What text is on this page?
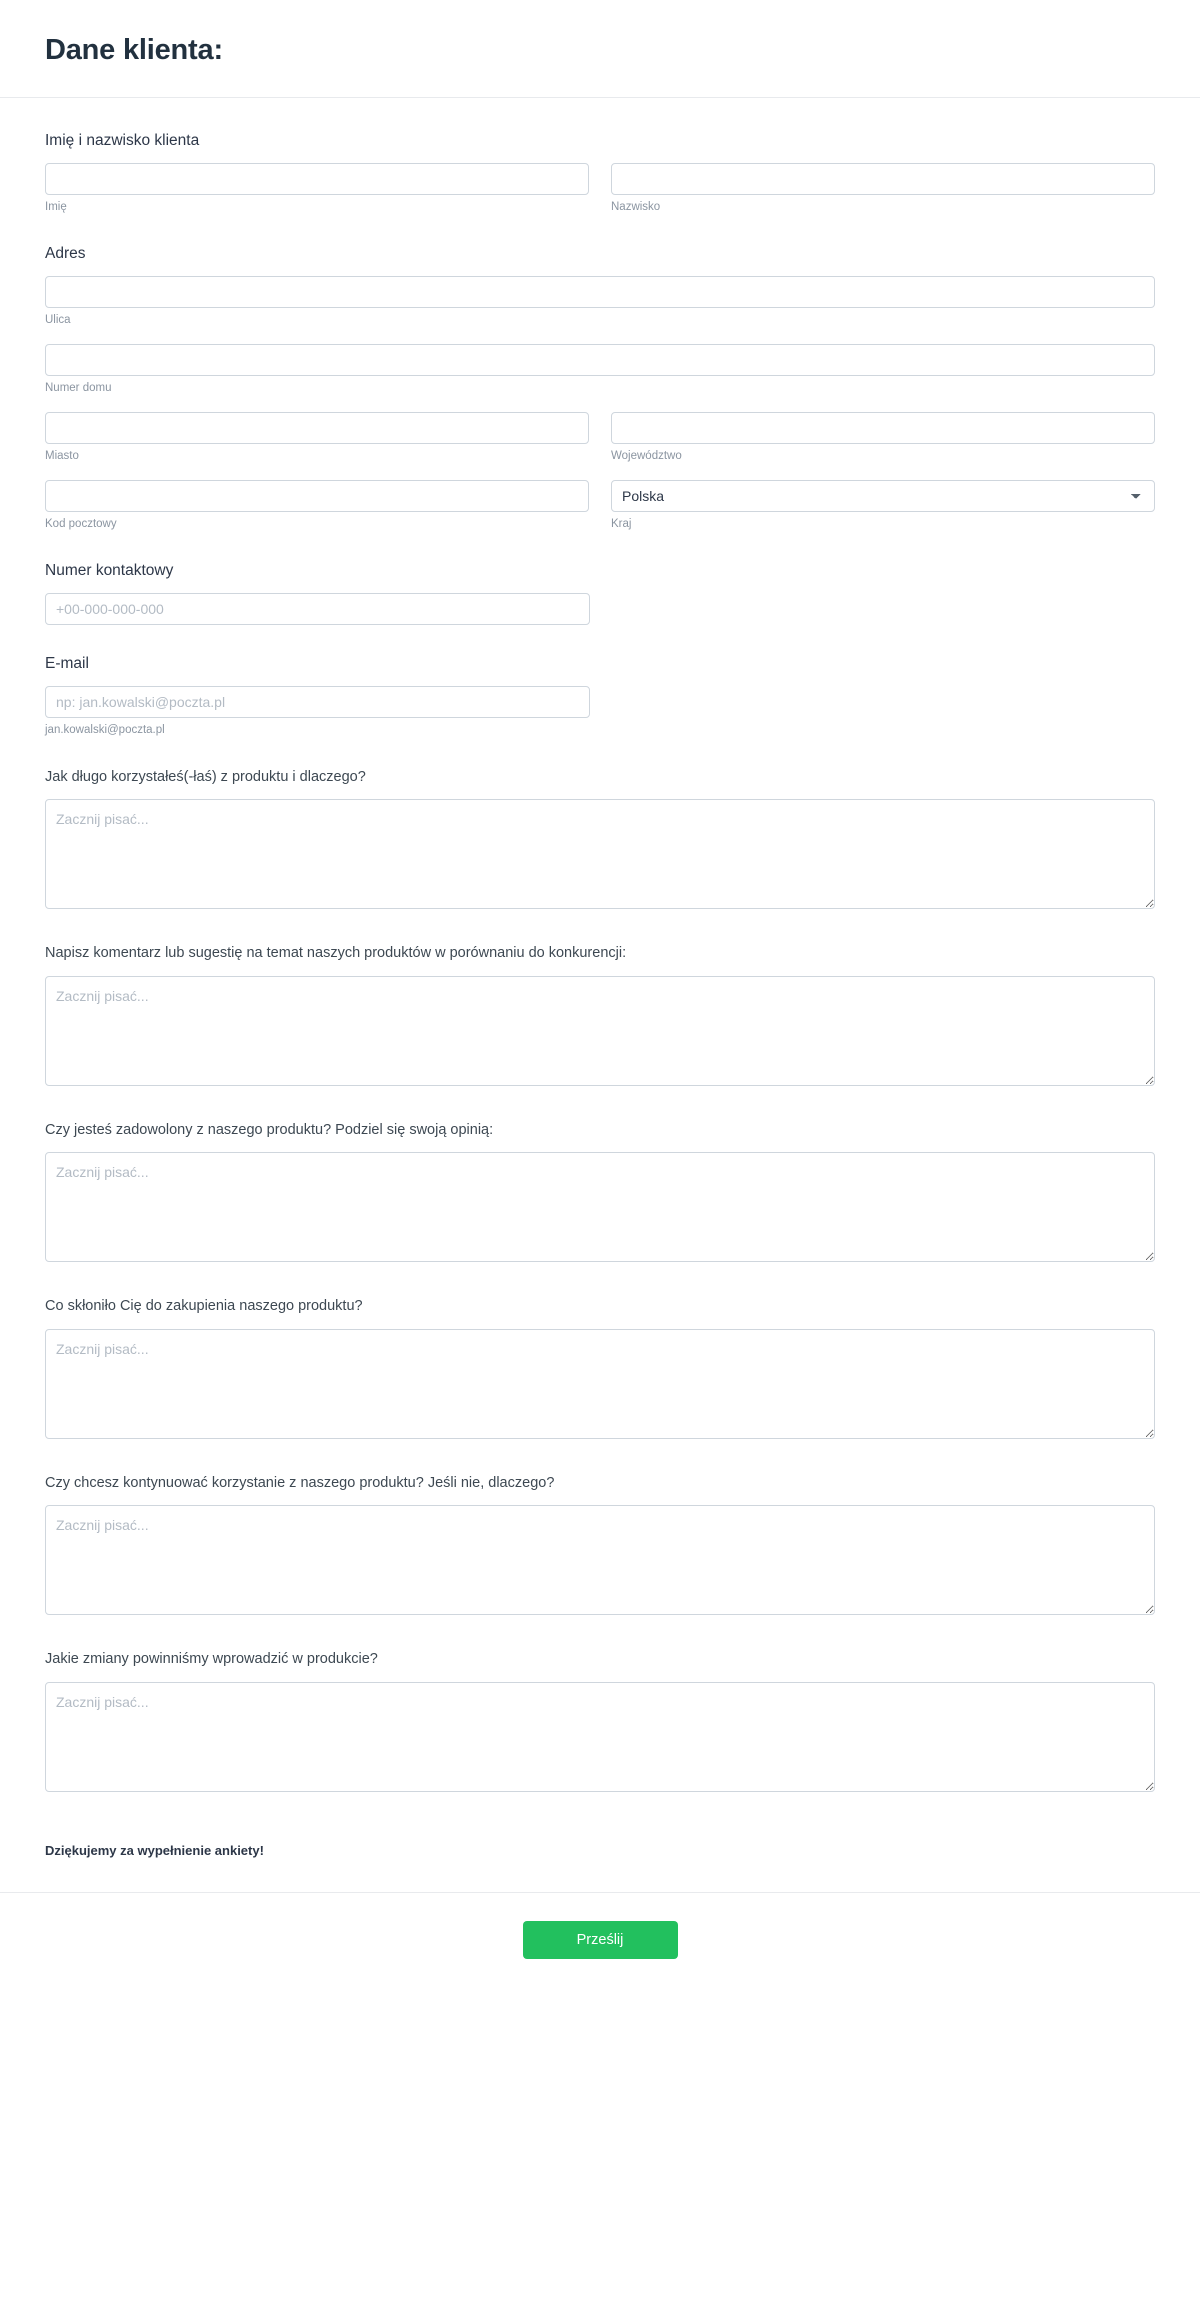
Dane klienta:
Imię i nazwisko klienta
Imię	Nazwisko
Adres
Ulica
Numer domu
Miasto	Województwo
Kod pocztowy
Polska	Kraj
Numer kontaktowy
+00-000-000-000
E-mail
np: jan.kowalski@poczta.pl
jan.kowalski@poczta.pl
Jak długo korzystałeś(-łaś) z produktu i dlaczego?
Zacznij pisać...
Napisz komentarz lub sugestię na temat naszych produktów w porównaniu do konkurencji:
Zacznij pisać...
Czy jesteś zadowolony z naszego produktu? Podziel się swoją opinią:
Zacznij pisać...
Co skłoniło Cię do zakupienia naszego produktu?
Zacznij pisać...
Czy chcesz kontynuować korzystanie z naszego produktu? Jeśli nie, dlaczego?
Zacznij pisać...
Jakie zmiany powinniśmy wprowadzić w produkcie?
Zacznij pisać...
Dziękujemy za wypełnienie ankiety!
Prześlij
